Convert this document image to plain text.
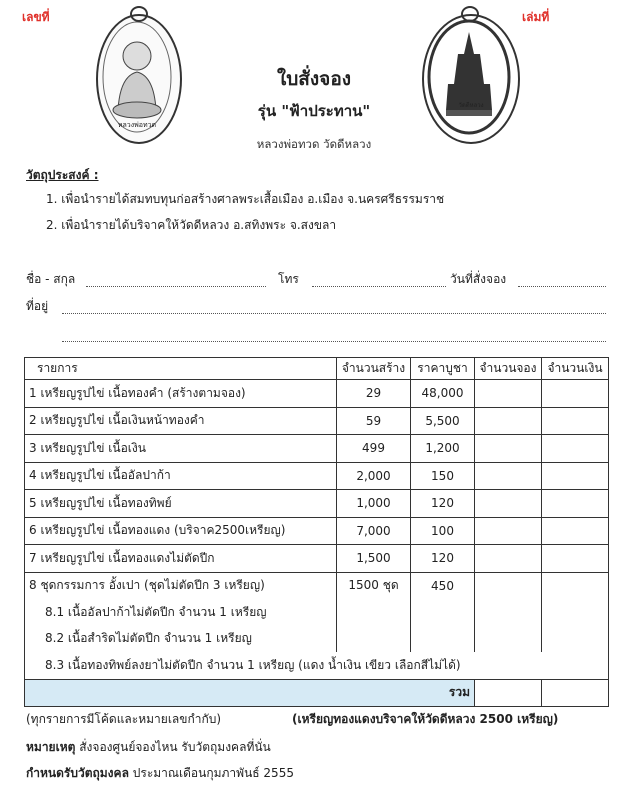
เลขที่	เล่มที่
หลวงพ่อทวด
วัดดีหลวง
ใบสั่งจอง
รุ่น "ฟ้าประทาน"
หลวงพ่อทวด วัดดีหลวง
วัตถุประสงค์ :
1. เพื่อนำรายได้สมทบทุนก่อสร้างศาลพระเสื้อเมือง อ.เมือง จ.นครศรีธรรมราช
2. เพื่อนำรายได้บริจาคให้วัดดีหลวง อ.สทิงพระ จ.สงขลา
ชื่อ - สกุล	โทร	วันที่สั่งจอง
ที่อยู่
รายการ	จำนวนสร้าง	ราคาบูชา	จำนวนจอง	จำนวนเงิน
1 เหรียญรูปไข่ เนื้อทองคำ (สร้างตามจอง)	29	48,000		
2 เหรียญรูปไข่ เนื้อเงินหน้าทองคำ	59	5,500		
3 เหรียญรูปไข่ เนื้อเงิน	499	1,200		
4 เหรียญรูปไข่ เนื้ออัลปาก้า	2,000	150		
5 เหรียญรูปไข่ เนื้อทองทิพย์	1,000	120		
6 เหรียญรูปไข่ เนื้อทองแดง (บริจาค2500เหรียญ)	7,000	100		
7 เหรียญรูปไข่ เนื้อทองแดงไม่ตัดปีก	1,500	120		
8 ชุดกรรมการ อั้งเปา (ชุดไม่ตัดปีก 3 เหรียญ)	1500 ชุด	450		
8.1 เนื้ออัลปาก้าไม่ตัดปีก จำนวน 1 เหรียญ				
8.2 เนื้อสำริดไม่ตัดปีก จำนวน 1 เหรียญ				
8.3 เนื้อทองทิพย์ลงยาไม่ตัดปีก จำนวน 1 เหรียญ (แดง น้ำเงิน เขียว เลือกสีไม่ได้)				
		รวม		
(ทุกรายการมีโค้ดและหมายเลขกำกับ)	(เหรียญทองแดงบริจาคให้วัดดีหลวง 2500 เหรียญ)
หมายเหตุ สั่งจองศูนย์จองไหน รับวัตถุมงคลที่นั่น
กำหนดรับวัตถุมงคล ประมาณเดือนกุมภาพันธ์ 2555
